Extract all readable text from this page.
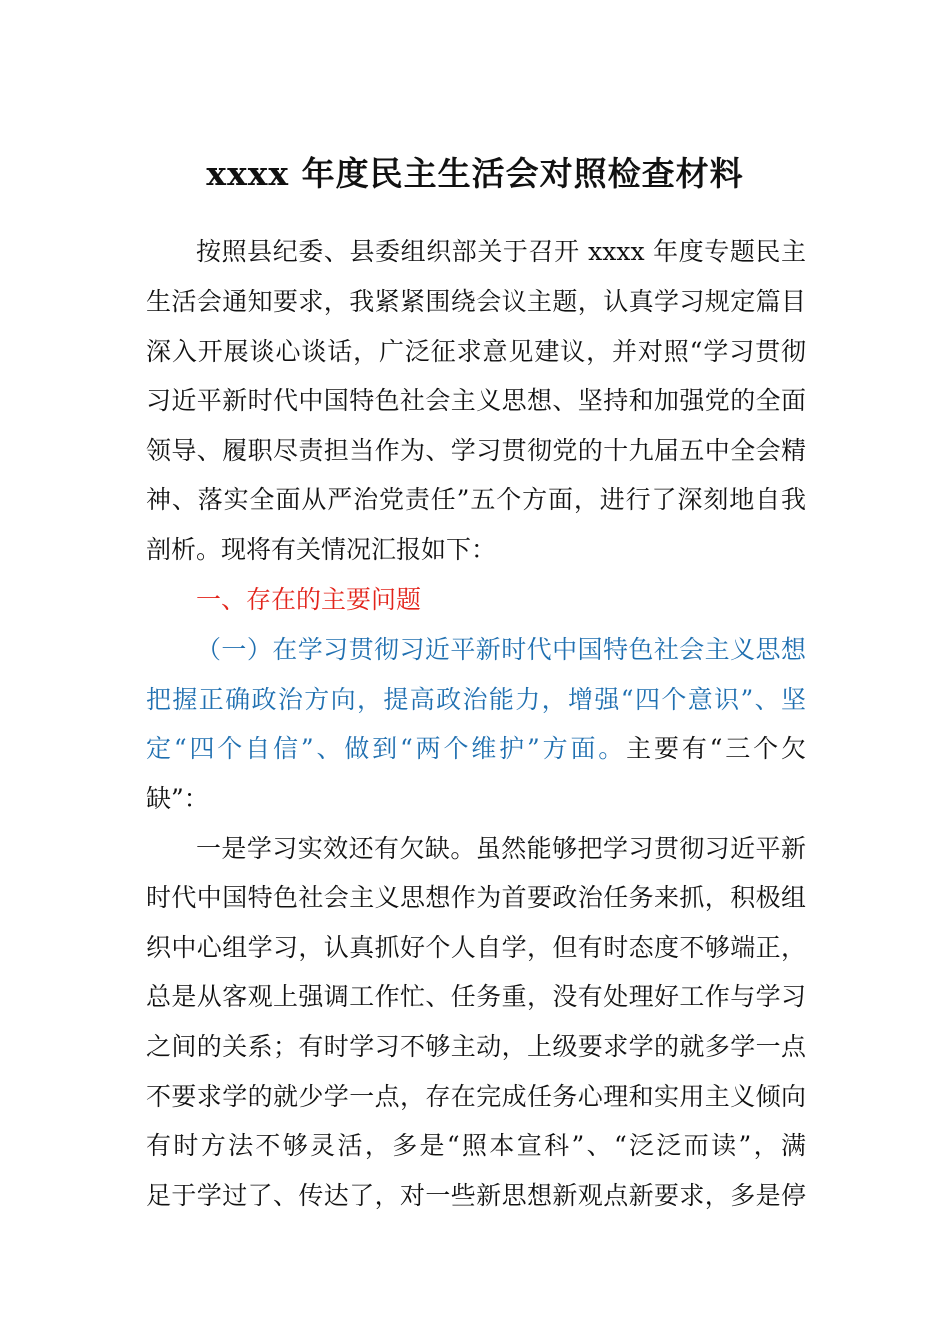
xxxx 年度民主生活会对照检查材料
按照县纪委、县委组织部关于召开 xxxx 年度专题民主
生活会通知要求，我紧紧围绕会议主题，认真学习规定篇目
深入开展谈心谈话，广泛征求意见建议，并对照“学习贯彻
习近平新时代中国特色社会主义思想、坚持和加强党的全面
领导、履职尽责担当作为、学习贯彻党的十九届五中全会精
神、落实全面从严治党责任”五个方面，进行了深刻地自我
剖析。现将有关情况汇报如下：
一、存在的主要问题
（一）在学习贯彻习近平新时代中国特色社会主义思想
把握正确政治方向，提高政治能力，增强“四个意识”、坚
定“四个自信”、做到“两个维护”方面。主要有“三个欠
缺”：
一是学习实效还有欠缺。虽然能够把学习贯彻习近平新
时代中国特色社会主义思想作为首要政治任务来抓，积极组
织中心组学习，认真抓好个人自学，但有时态度不够端正，
总是从客观上强调工作忙、任务重，没有处理好工作与学习
之间的关系；有时学习不够主动，上级要求学的就多学一点
不要求学的就少学一点，存在完成任务心理和实用主义倾向
有时方法不够灵活，多是“照本宣科”、“泛泛而读”，满
足于学过了、传达了，对一些新思想新观点新要求，多是停
